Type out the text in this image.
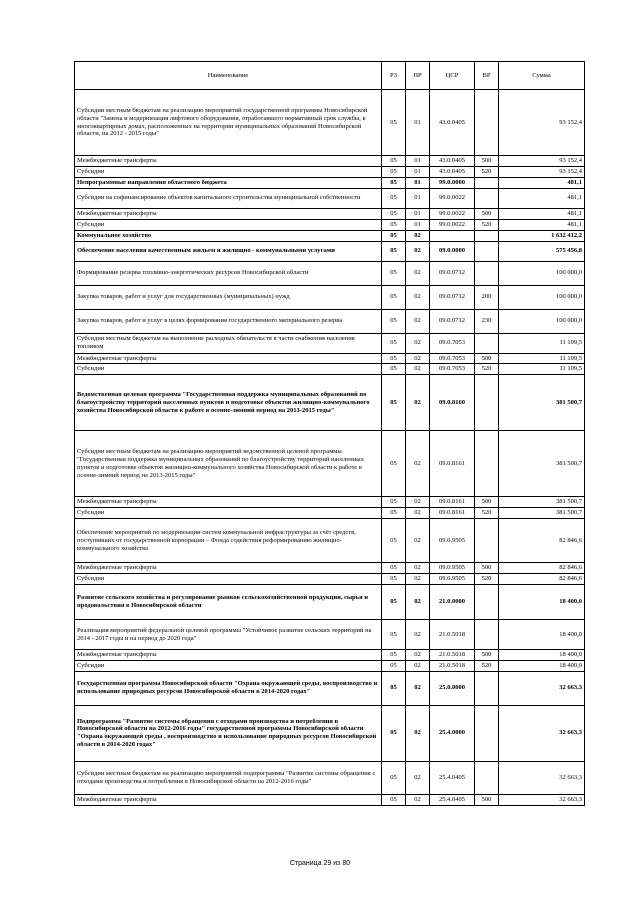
Наименование	РЗ	ПР	ЦСР	ВР	Сумма
Субсидии местным бюджетам на реализацию мероприятий государственной программы Новосибирской области "Замена и модернизация лифтового оборудования, отработавшего нормативный срок службы, в многоквартирных домах, расположенных на территории муниципальных образований Новосибирской области, на 2012 - 2015 годы"	05	01	43.0.0405		93 152,4
Межбюджетные трансферты	05	01	43.0.0405	500	93 152,4
Субсидии	05	01	43.0.0405	520	93 152,4
Непрограммные направления областного бюджета	05	01	99.0.0000		481,1
Субсидии на софинансирование объектов капитального строительства муниципальной собственности	05	01	99.0.0022		481,1
Межбюджетные трансферты	05	01	99.0.0022	500	481,1
Субсидии	05	01	99.0.0022	520	481,1
Коммунальное хозяйство	05	02			1 632 412,2
Обеспечение населения качественным жильем и жилищно - коммунальными услугами	05	02	09.0.0000		575 456,8
Формирование резерва топливно-энергетических ресурсов Новосибирской области	05	02	09.0.0712		100 000,0
Закупка товаров, работ и услуг для государственных (муниципальных) нужд	05	02	09.0.0712	200	100 000,0
Закупка товаров, работ и услуг в целях формирования государственного материального резерва	05	02	09.0.0712	230	100 000,0
Субсидии местным бюджетам на выполнение расходных обязательств в части снабжения населения топливом	05	02	09.0.7053		11 109,5
Межбюджетные трансферты	05	02	09.0.7053	500	11 109,5
Субсидии	05	02	09.0.7053	520	11 109,5
Ведомственная целевая программа "Государственная поддержка муниципальных образований по благоустройству территорий населенных пунктов и подготовке объектов жилищно-коммунального хозяйства Новосибирской области к работе в осенне-зимний период на 2013-2015 годы"	05	02	09.0.8160		381 500,7
Субсидии местным бюджетам на реализацию мероприятий ведомственной целевой программы "Государственная поддержка муниципальных образований по благоустройству территорий населенных пунктов и подготовке объектов жилищно-коммунального хозяйства Новосибирской области к работе в осенне-зимний период на 2013-2015 годы"	05	02	09.0.8161		381 500,7
Межбюджетные трансферты	05	02	09.0.8161	500	381 500,7
Субсидии	05	02	09.0.8161	520	381 500,7
Обеспечение мероприятий по модернизации систем коммунальной инфраструктуры за счёт средств, поступивших от государственной корпорации – Фонда содействия реформированию жилищно-коммунального хозяйства	05	02	09.0.9505		82 846,6
Межбюджетные трансферты	05	02	09.0.9505	500	82 846,6
Субсидии	05	02	09.0.9505	520	82 846,6
Развитие сельского хозяйства и регулирование рынков сельскохозяйственной продукции, сырья и продовольствия в Новосибирской области	05	02	21.0.0000		18 400,0
Реализация мероприятий федеральной целевой программы "Устойчивое развитие сельских территорий на 2014 - 2017 годы и на период до 2020 года"	05	02	21.0.5018		18 400,0
Межбюджетные трансферты	05	02	21.0.5018	500	18 400,0
Субсидии	05	02	21.0.5018	520	18 400,0
Государственная программа Новосибирской области "Охрана окружающей среды, воспроизводство и использование природных ресурсов Новосибирской области в 2014-2020 годах"	05	02	25.0.0000		32 663,3
Подпрограмма "Развитие системы обращения с отходами производства и потребления в Новосибирской области на 2012-2016 годы" государственной программы Новосибирской области "Охрана окружающей среды , воспроизводство и использование природных ресурсов Новосибирской области в 2014-2020 годах"	05	02	25.4.0000		32 663,3
Субсидии местным бюджетам на реализацию мероприятий подпрограммы "Развитие системы обращения с отходами производства и потребления в Новосибирской области на 2012-2016 годы"	05	02	25.4.0405		32 663,3
Межбюджетные трансферты	05	02	25.4.0405	500	32 663,3
Страница 29 из 80
